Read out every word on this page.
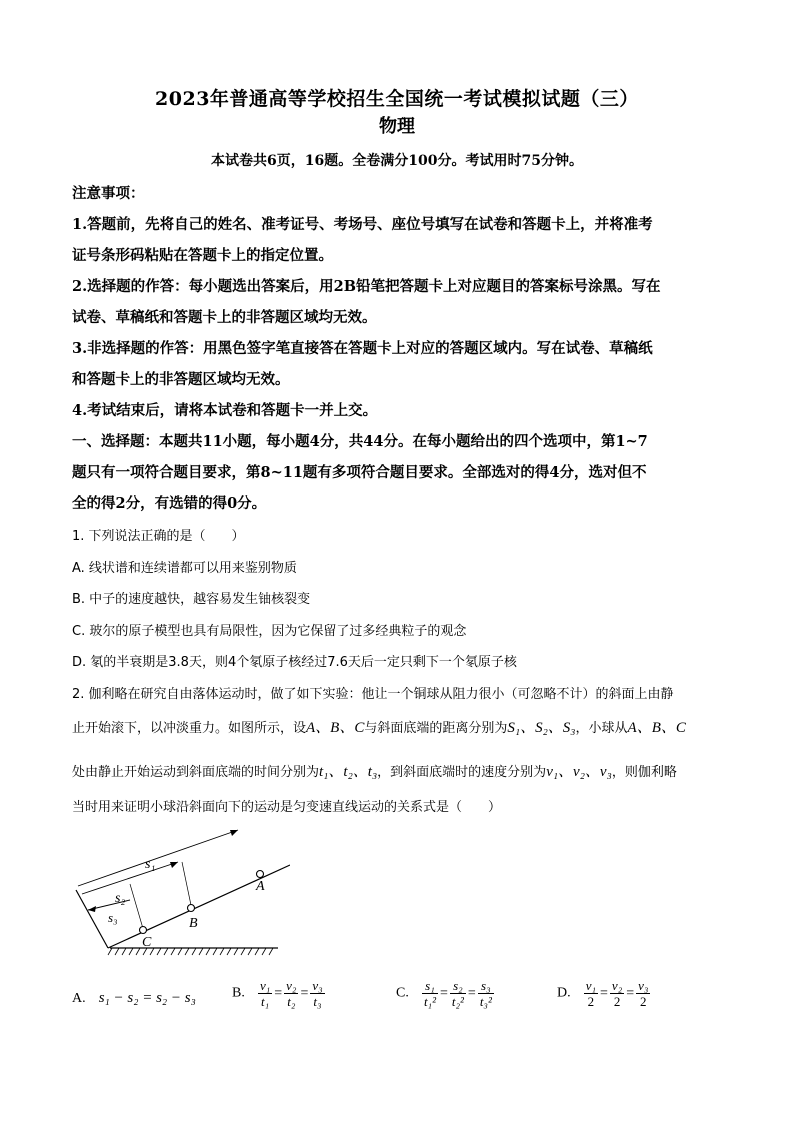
2023年普通高等学校招生全国统一考试模拟试题（三）
物理
本试卷共6页，16题。全卷满分100分。考试用时75分钟。
注意事项：
1.答题前，先将自己的姓名、准考证号、考场号、座位号填写在试卷和答题卡上，并将准考
证号条形码粘贴在答题卡上的指定位置。
2.选择题的作答：每小题选出答案后，用2B铅笔把答题卡上对应题目的答案标号涂黑。写在
试卷、草稿纸和答题卡上的非答题区域均无效。
3.非选择题的作答：用黑色签字笔直接答在答题卡上对应的答题区域内。写在试卷、草稿纸
和答题卡上的非答题区域均无效。
4.考试结束后，请将本试卷和答题卡一并上交。
一、选择题：本题共11小题，每小题4分，共44分。在每小题给出的四个选项中，第1~7
题只有一项符合题目要求，第8~11题有多项符合题目要求。全部选对的得4分，选对但不
全的得2分，有选错的得0分。
1. 下列说法正确的是（　　）
A. 线状谱和连续谱都可以用来鉴别物质
B. 中子的速度越快，越容易发生铀核裂变
C. 玻尔的原子模型也具有局限性，因为它保留了过多经典粒子的观念
D. 氡的半衰期是3.8天，则4个氡原子核经过7.6天后一定只剩下一个氡原子核
2. 伽利略在研究自由落体运动时，做了如下实验：他让一个铜球从阻力很小（可忽略不计）的斜面上由静
止开始滚下，以冲淡重力。如图所示，设A、B、C与斜面底端的距离分别为S₁、S₂、S₃，小球从A、B、C
处由静止开始运动到斜面底端的时间分别为t₁、t₂、t₃，到斜面底端时的速度分别为v₁、v₂、v₃，则伽利略
当时用来证明小球沿斜面向下的运动是匀变速直线运动的关系式是（　　）
s₁
s₂
s₃
A
B
C
A. s₁ − s₂ = s₂ − s₃	B. $\frac{\text{v₁}}{\text{t₁}} = \frac{\text{v₂}}{\text{t₂}} = \frac{\text{v₃}}{\text{t₃}}$	C. $\frac{\text{s₁}}{\text{t₁²}} = \frac{\text{s₂}}{\text{t₂²}} = \frac{\text{s₃}}{\text{t₃²}}$	D. $\frac{\text{v₁}}{2} = \frac{\text{v₂}}{2} = \frac{\text{v₃}}{2}$
